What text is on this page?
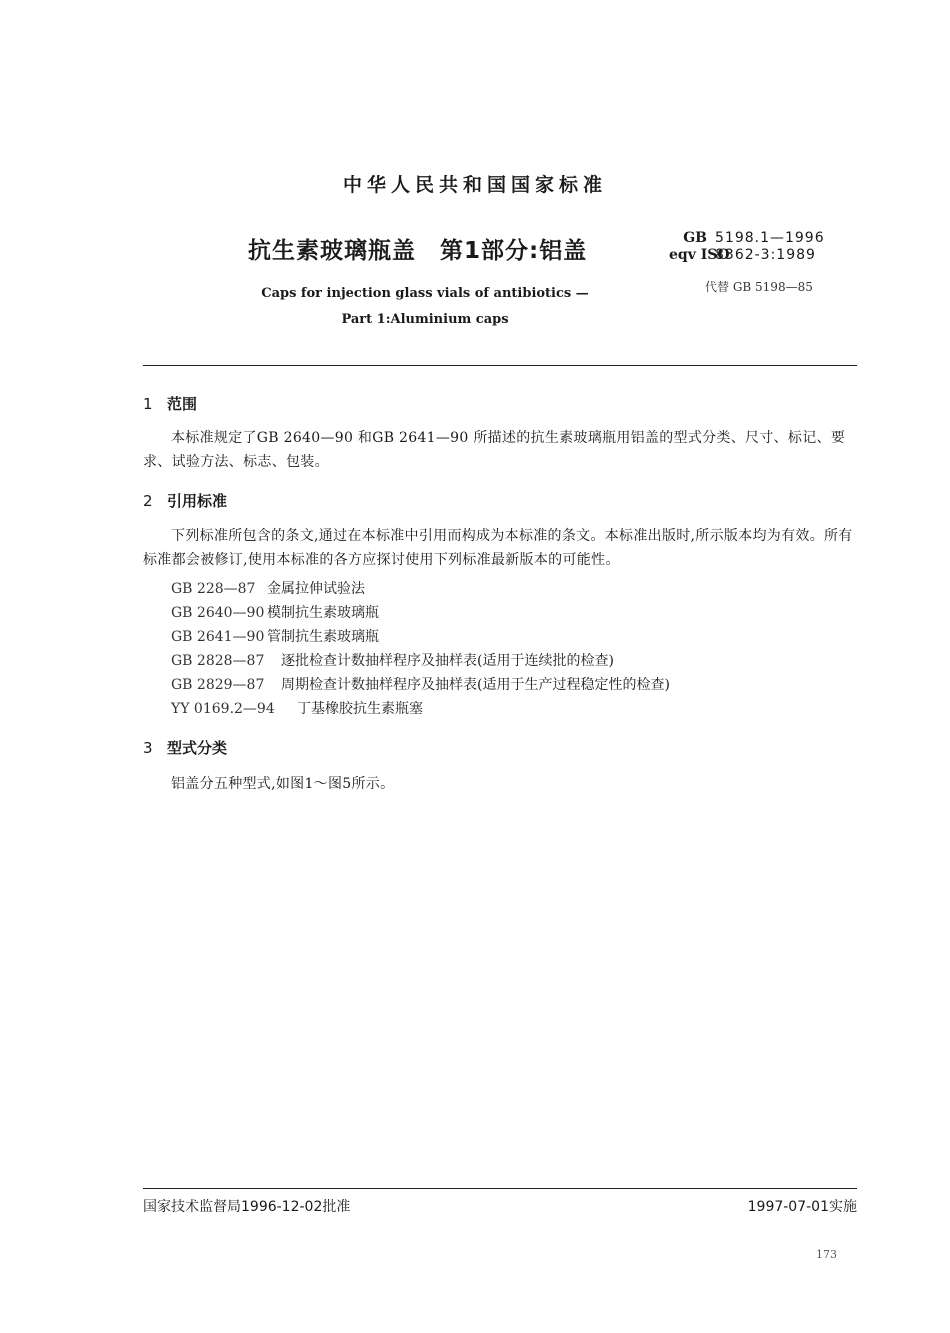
中华人民共和国国家标准
抗生素玻璃瓶盖　第1部分:铝盖	GB 5198.1—1996
eqv ISO8362-3:1989
代替 GB 5198—85
Caps for injection glass vials of antibiotics —
Part 1:Aluminium caps
1 范围
本标准规定了GB 2640—90 和GB 2641—90 所描述的抗生素玻璃瓶用铝盖的型式分类、尺寸、标记、要求、试验方法、标志、包装。
2 引用标准
下列标准所包含的条文,通过在本标准中引用而构成为本标准的条文。本标准出版时,所示版本均为有效。所有标准都会被修订,使用本标准的各方应探讨使用下列标准最新版本的可能性。
GB 228—87 金属拉伸试验法
GB 2640—90 模制抗生素玻璃瓶
GB 2641—90 管制抗生素玻璃瓶
GB 2828—87	逐批检查计数抽样程序及抽样表(适用于连续批的检查)
GB 2829—87	周期检查计数抽样程序及抽样表(适用于生产过程稳定性的检查)
YY 0169.2—94	丁基橡胶抗生素瓶塞
3 型式分类
铝盖分五种型式,如图1～图5所示。
国家技术监督局1996-12-02批准	1997-07-01实施
173
